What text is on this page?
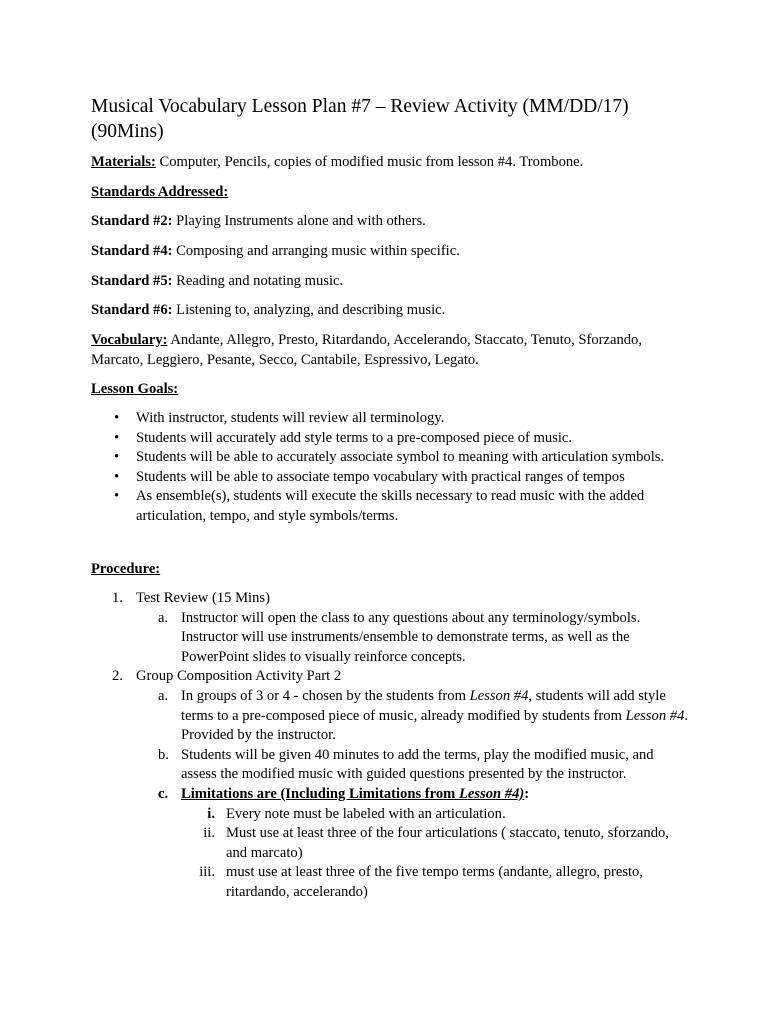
Musical Vocabulary Lesson Plan #7 – Review Activity (MM/DD/17) (90Mins)

Materials: Computer, Pencils, copies of modified music from lesson #4. Trombone.

Standards Addressed:

Standard #2: Playing Instruments alone and with others.

Standard #4: Composing and arranging music within specific.

Standard #5: Reading and notating music.

Standard #6: Listening to, analyzing, and describing music.

Vocabulary: Andante, Allegro, Presto, Ritardando, Accelerando, Staccato, Tenuto, Sforzando, Marcato, Leggiero, Pesante, Secco, Cantabile, Espressivo, Legato.

Lesson Goals:

• With instructor, students will review all terminology.
• Students will accurately add style terms to a pre-composed piece of music.
• Students will be able to accurately associate symbol to meaning with articulation symbols.
• Students will be able to associate tempo vocabulary with practical ranges of tempos
• As ensemble(s), students will execute the skills necessary to read music with the added articulation, tempo, and style symbols/terms.

Procedure:

1. Test Review (15 Mins)
a. Instructor will open the class to any questions about any terminology/symbols. Instructor will use instruments/ensemble to demonstrate terms, as well as the PowerPoint slides to visually reinforce concepts.
2. Group Composition Activity Part 2
a. In groups of 3 or 4 - chosen by the students from Lesson #4, students will add style terms to a pre-composed piece of music, already modified by students from Lesson #4. Provided by the instructor.
b. Students will be given 40 minutes to add the terms, play the modified music, and assess the modified music with guided questions presented by the instructor.
c. Limitations are (Including Limitations from Lesson #4):
i. Every note must be labeled with an articulation.
ii. Must use at least three of the four articulations ( staccato, tenuto, sforzando, and marcato)
iii. must use at least three of the five tempo terms (andante, allegro, presto, ritardando, accelerando)
